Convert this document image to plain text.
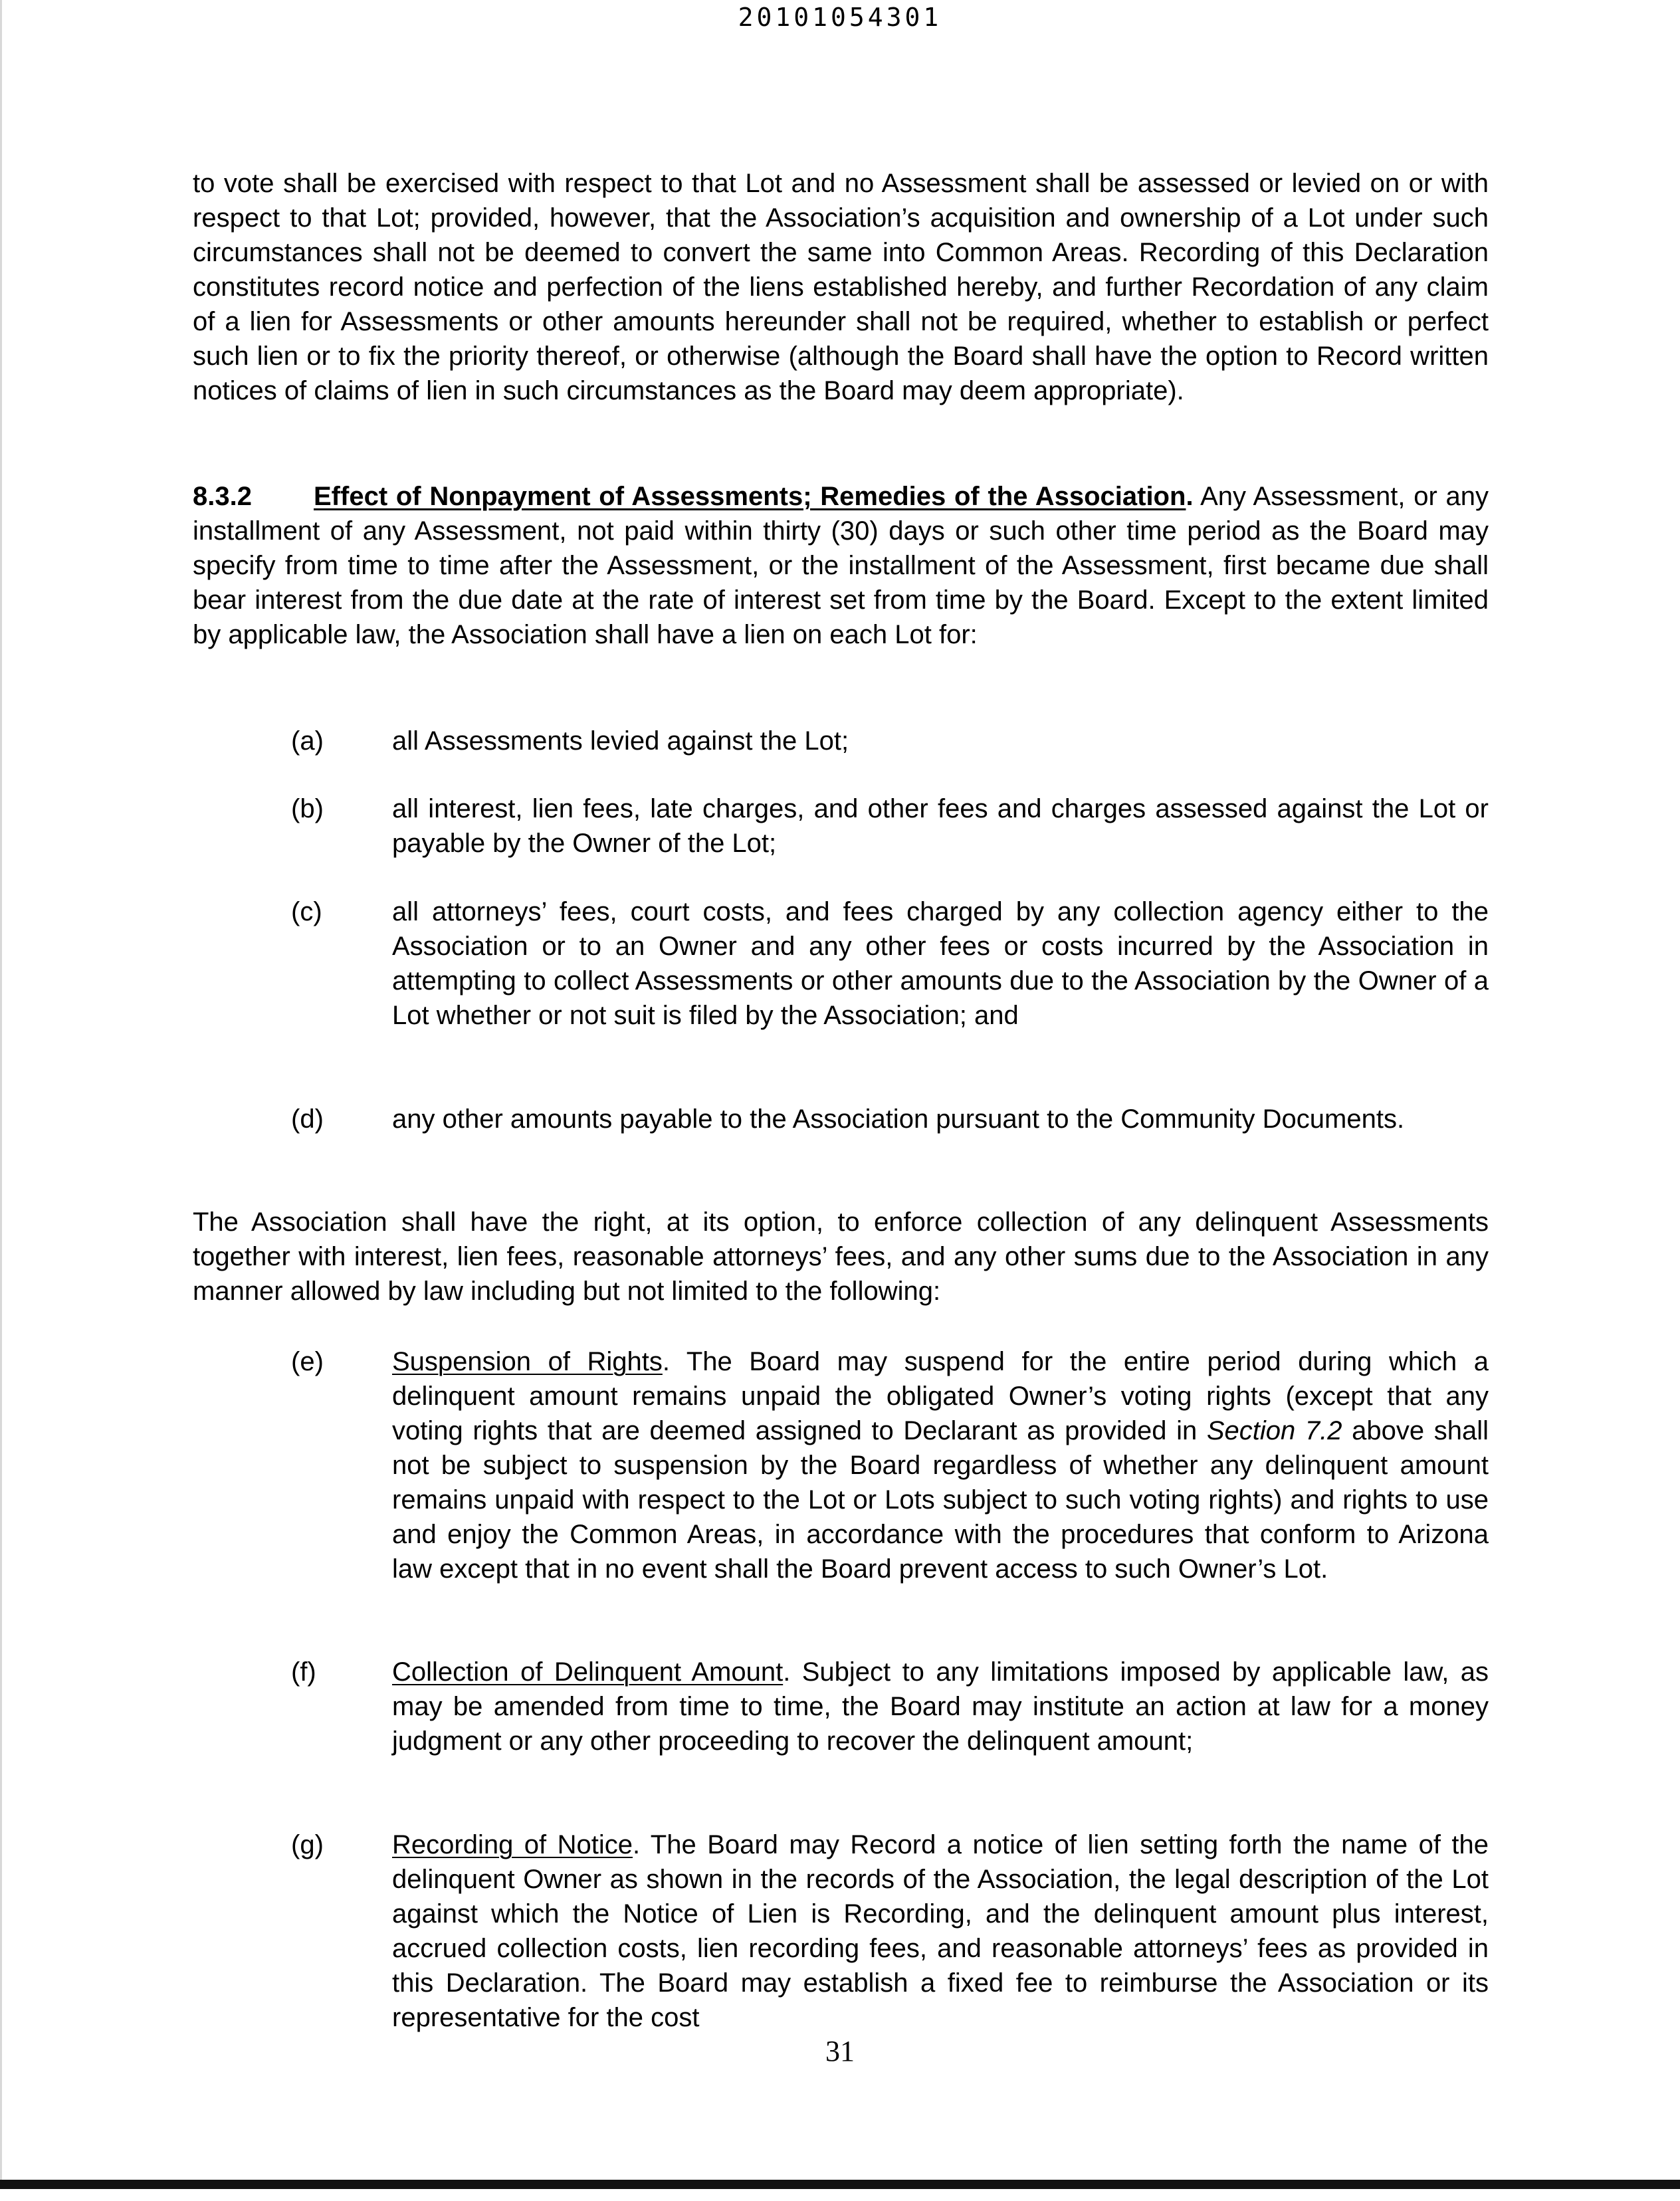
20101054301

to vote shall be exercised with respect to that Lot and no Assessment shall be assessed or levied on or with respect to that Lot; provided, however, that the Association’s acquisition and ownership of a Lot under such circumstances shall not be deemed to convert the same into Common Areas. Recording of this Declaration constitutes record notice and perfection of the liens established hereby, and further Recordation of any claim of a lien for Assessments or other amounts hereunder shall not be required, whether to establish or perfect such lien or to fix the priority thereof, or otherwise (although the Board shall have the option to Record written notices of claims of lien in such circumstances as the Board may deem appropriate).

8.3.2 Effect of Nonpayment of Assessments; Remedies of the Association. Any Assessment, or any installment of any Assessment, not paid within thirty (30) days or such other time period as the Board may specify from time to time after the Assessment, or the installment of the Assessment, first became due shall bear interest from the due date at the rate of interest set from time by the Board. Except to the extent limited by applicable law, the Association shall have a lien on each Lot for:

(a)	all Assessments levied against the Lot;
(b)	all interest, lien fees, late charges, and other fees and charges assessed against the Lot or payable by the Owner of the Lot;
(c)	all attorneys’ fees, court costs, and fees charged by any collection agency either to the Association or to an Owner and any other fees or costs incurred by the Association in attempting to collect Assessments or other amounts due to the Association by the Owner of a Lot whether or not suit is filed by the Association; and
(d)	any other amounts payable to the Association pursuant to the Community Documents.

The Association shall have the right, at its option, to enforce collection of any delinquent Assessments together with interest, lien fees, reasonable attorneys’ fees, and any other sums due to the Association in any manner allowed by law including but not limited to the following:

(e)	Suspension of Rights. The Board may suspend for the entire period during which a delinquent amount remains unpaid the obligated Owner’s voting rights (except that any voting rights that are deemed assigned to Declarant as provided in Section 7.2 above shall not be subject to suspension by the Board regardless of whether any delinquent amount remains unpaid with respect to the Lot or Lots subject to such voting rights) and rights to use and enjoy the Common Areas, in accordance with the procedures that conform to Arizona law except that in no event shall the Board prevent access to such Owner’s Lot.
(f)	Collection of Delinquent Amount. Subject to any limitations imposed by applicable law, as may be amended from time to time, the Board may institute an action at law for a money judgment or any other proceeding to recover the delinquent amount;
(g)	Recording of Notice. The Board may Record a notice of lien setting forth the name of the delinquent Owner as shown in the records of the Association, the legal description of the Lot against which the Notice of Lien is Recording, and the delinquent amount plus interest, accrued collection costs, lien recording fees, and reasonable attorneys’ fees as provided in this Declaration. The Board may establish a fixed fee to reimburse the Association or its representative for the cost
31
